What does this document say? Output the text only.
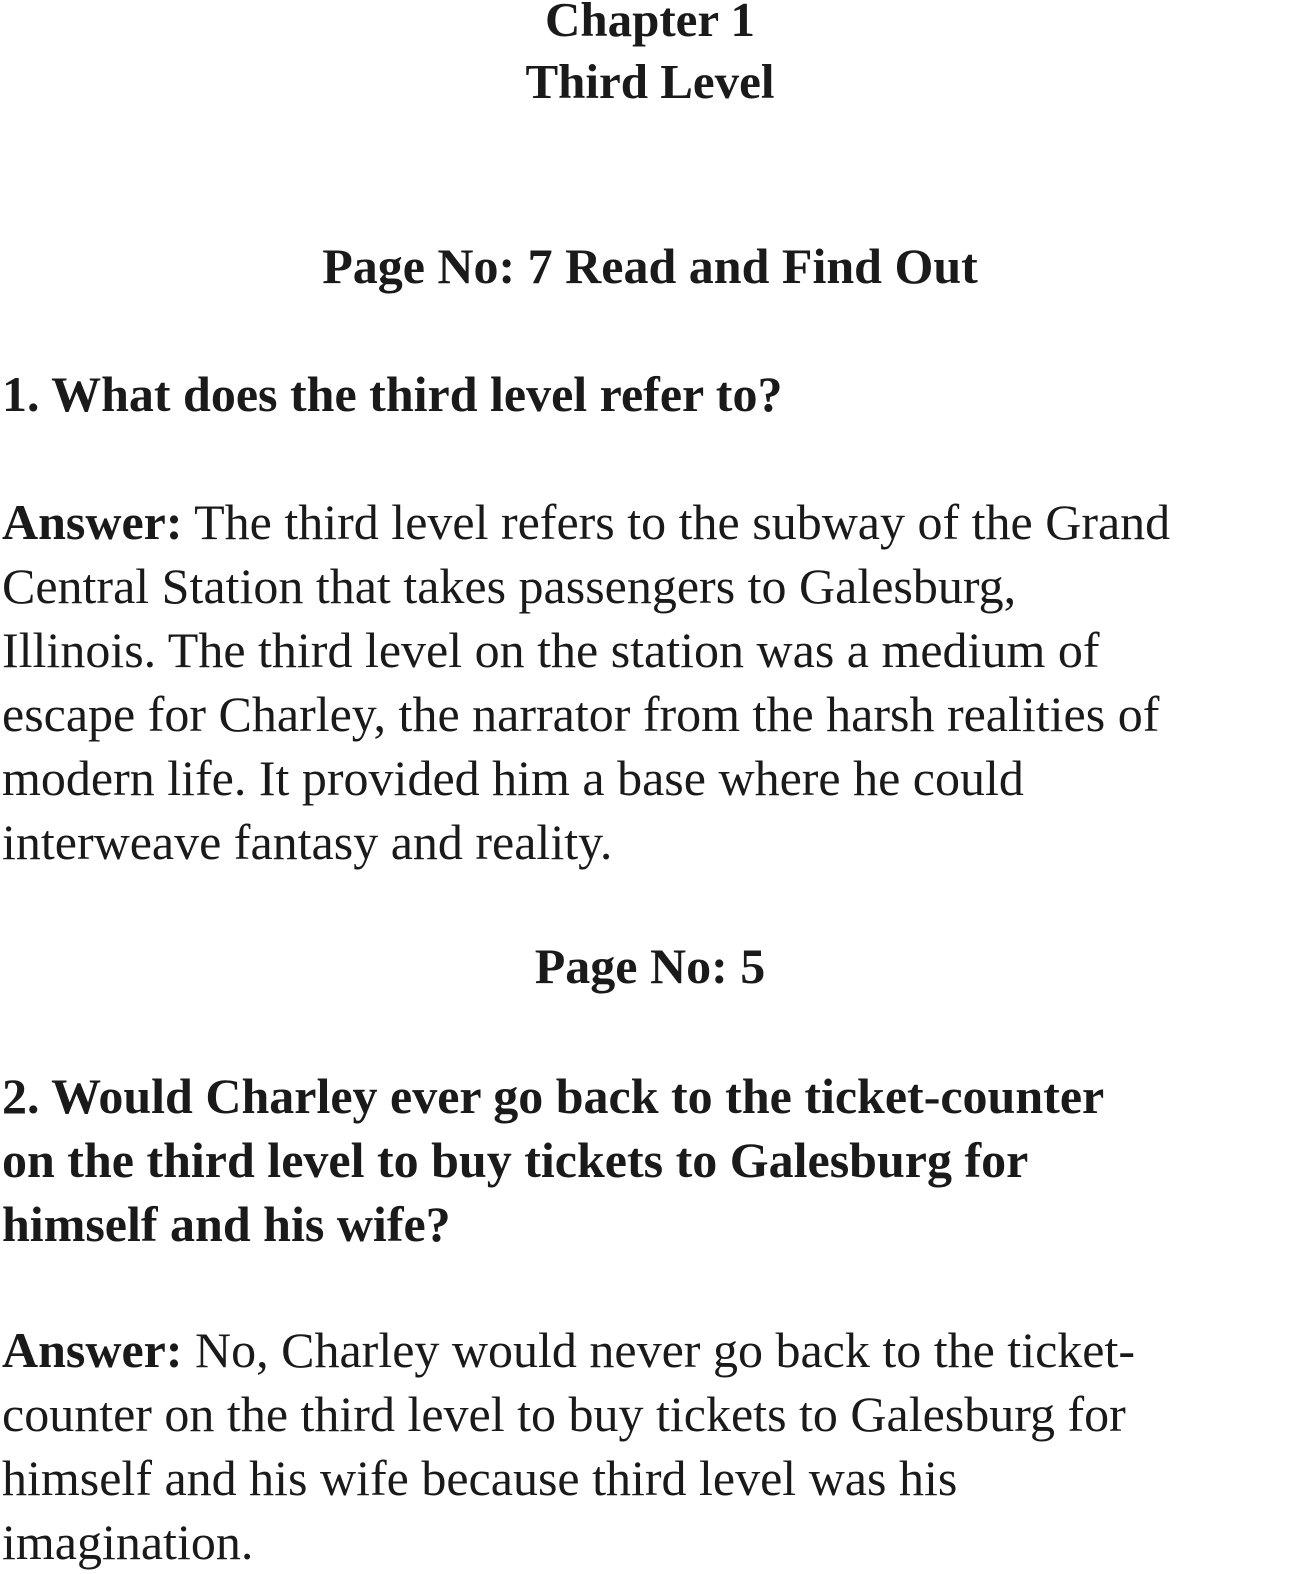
Chapter 1
Third Level
Page No: 7 Read and Find Out
1. What does the third level refer to?
Answer: The third level refers to the subway of the Grand
Central Station that takes passengers to Galesburg,
Illinois. The third level on the station was a medium of
escape for Charley, the narrator from the harsh realities of
modern life. It provided him a base where he could
interweave fantasy and reality.
Page No: 5
2. Would Charley ever go back to the ticket-counter
on the third level to buy tickets to Galesburg for
himself and his wife?
Answer: No, Charley would never go back to the ticket-
counter on the third level to buy tickets to Galesburg for
himself and his wife because third level was his
imagination.
